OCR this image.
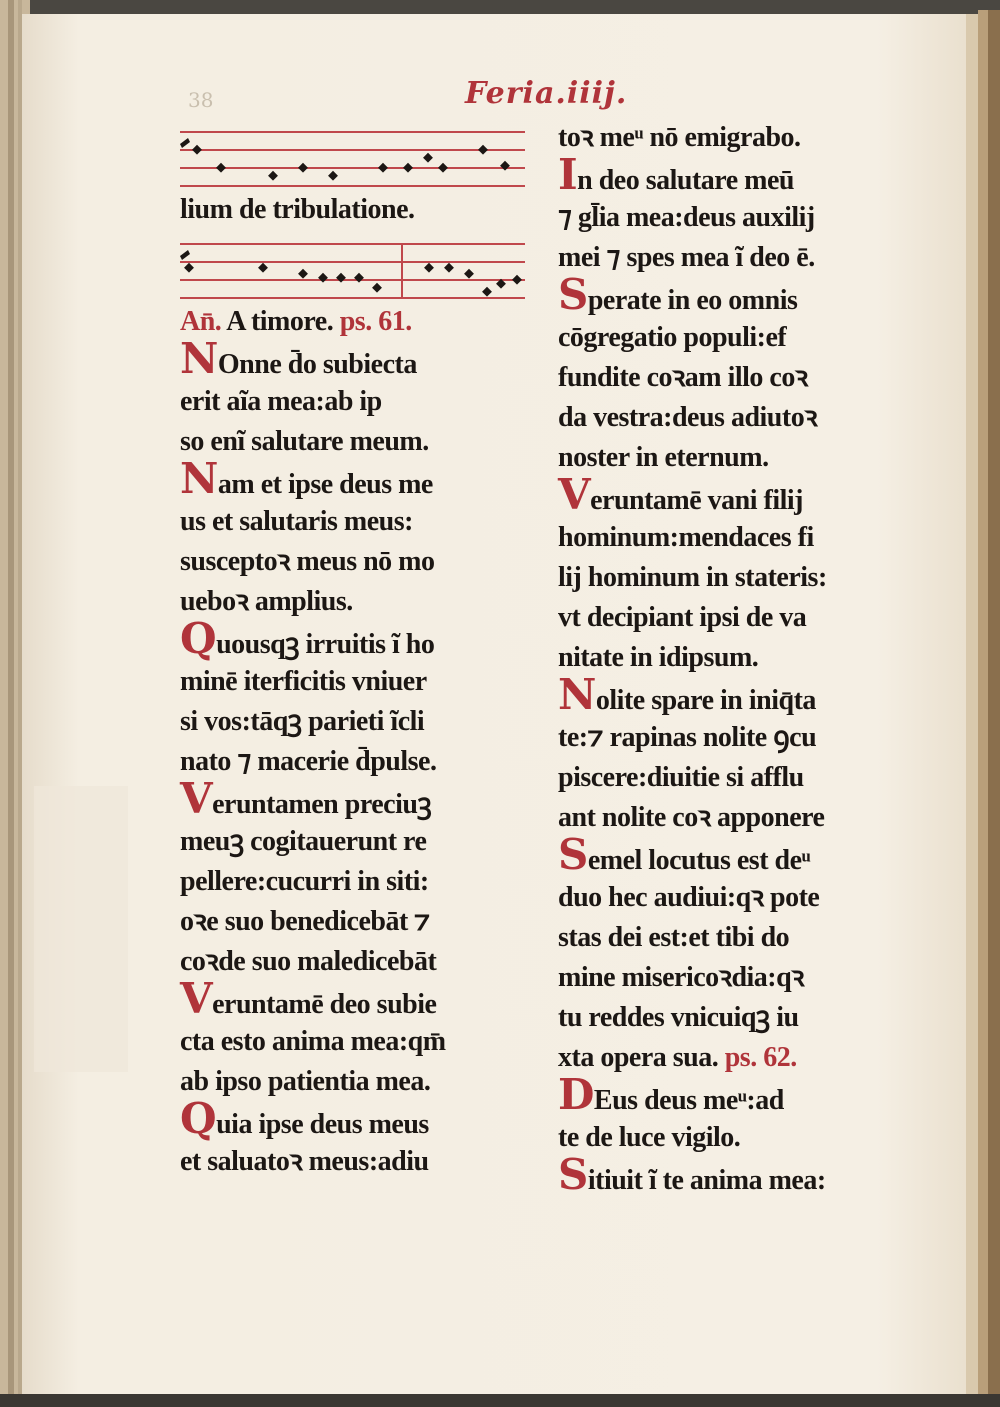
38	Feria.iiij.
lium de tribulatione.
An̄. A timore. ps. 61.
NOnne d̄o subiecta
erit aĩa mea:ab ip
so enĩ salutare meum.
Nam et ipse deus me
us et salutaris meus:
susceptoꝛ meus nō mo
ueboꝛ amplius.
Quousqꝫ irruitis ĩ ho
minē iterficitis vniuer
si vos:tāqꝫ parieti ĩcli
nato ⁊ macerie d̄pulse.
Veruntamen preciuꝫ
meuꝫ cogitauerunt re
pellere:cucurri in siti:
oꝛe suo benedicebāt ⁊
coꝛde suo maledicebāt
Veruntamē deo subie
cta esto anima mea:qm̄
ab ipso patientia mea.
Quia ipse deus meus
et saluatoꝛ meus:adiu
toꝛ meᵘ nō emigrabo.
In deo salutare meū
⁊ gl̄ia mea:deus auxilij
mei ⁊ spes mea ĩ deo ē.
Sperate in eo omnis
cōgregatio populi:ef
fundite coꝛam illo coꝛ
da vestra:deus adiutoꝛ
noster in eternum.
Veruntamē vani filij
hominum:mendaces fi
lij hominum in stateris:
vt decipiant ipsi de va
nitate in idipsum.
Nolite spare in iniq̄ta
te:⁊ rapinas nolite ꝯcu
piscere:diuitie si afflu
ant nolite coꝛ apponere
Semel locutus est deᵘ
duo hec audiui:qꝛ pote
stas dei est:et tibi do
mine misericoꝛdia:qꝛ
tu reddes vnicuiqꝫ iu
xta opera sua. ps. 62.
DEus deus meᵘ:ad
te de luce vigilo.
Sitiuit ĩ te anima mea:
